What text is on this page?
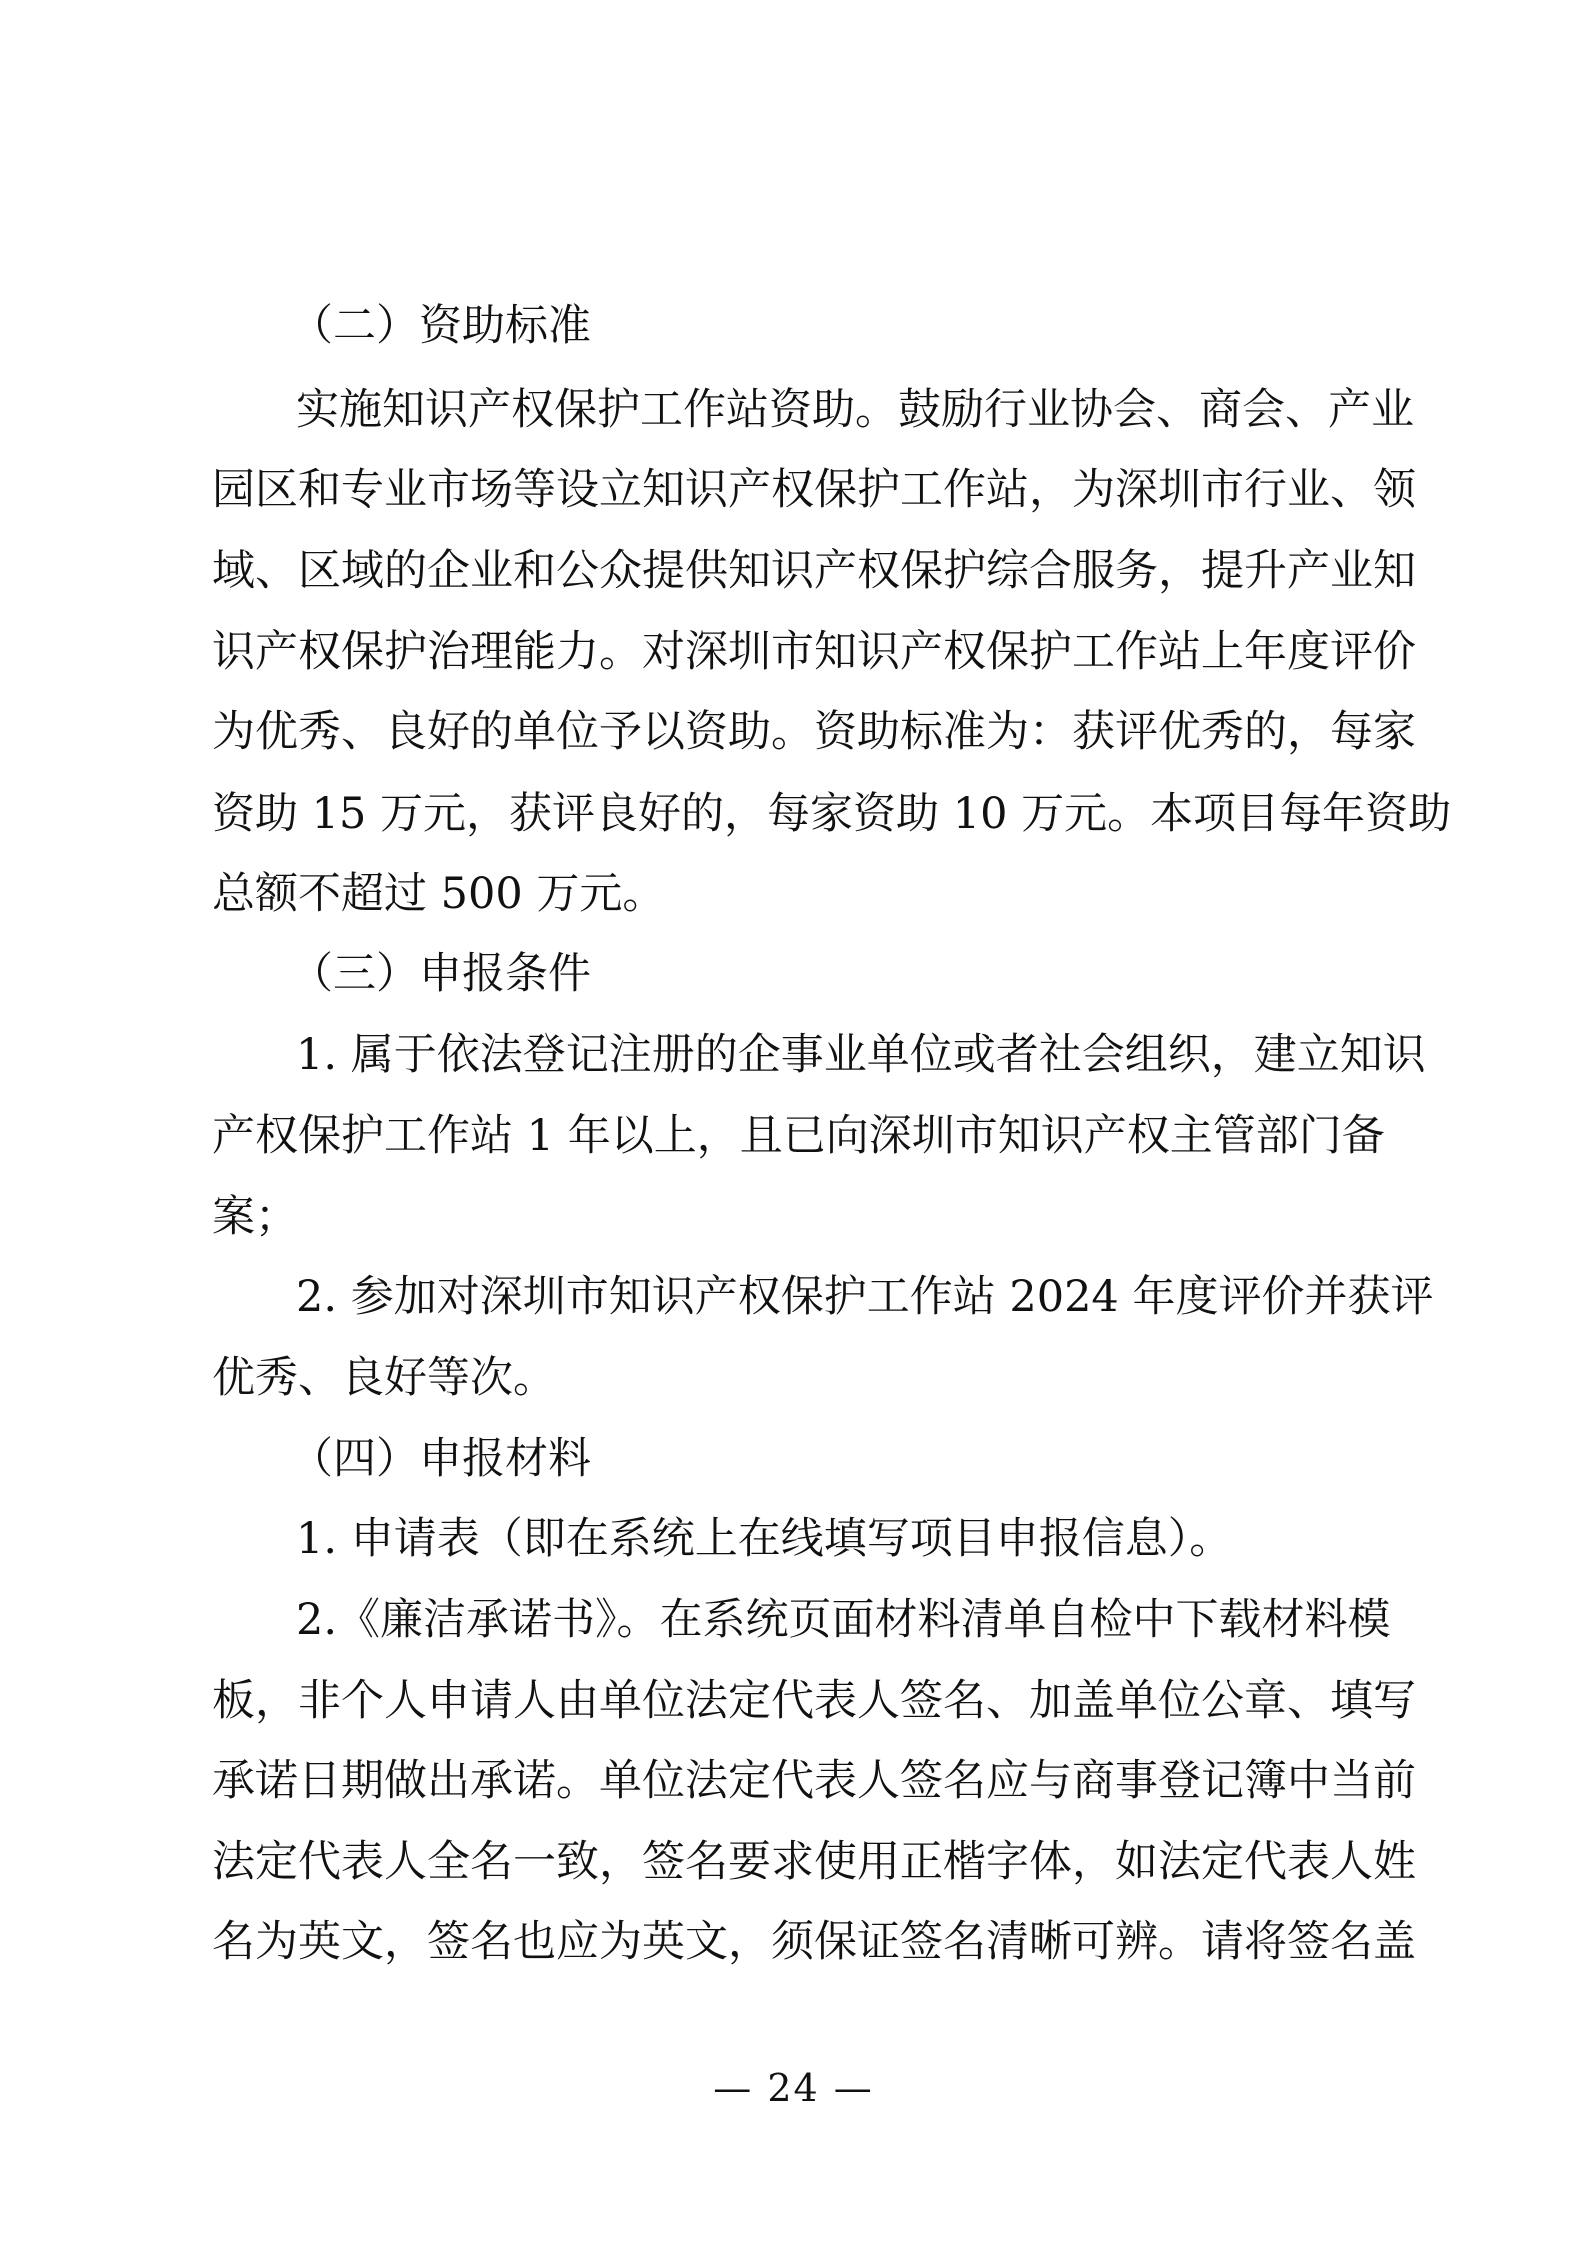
（二）资助标准
实施知识产权保护工作站资助。鼓励行业协会、商会、产业
园区和专业市场等设立知识产权保护工作站，为深圳市行业、领
域、区域的企业和公众提供知识产权保护综合服务，提升产业知
识产权保护治理能力。对深圳市知识产权保护工作站上年度评价
为优秀、良好的单位予以资助。资助标准为：获评优秀的，每家
资助 15 万元，获评良好的，每家资助 10 万元。本项目每年资助
总额不超过 500 万元。
（三）申报条件
1. 属于依法登记注册的企事业单位或者社会组织，建立知识
产权保护工作站 1 年以上，且已向深圳市知识产权主管部门备
案；
2. 参加对深圳市知识产权保护工作站 2024 年度评价并获评
优秀、良好等次。
（四）申报材料
1. 申请表（即在系统上在线填写项目申报信息）。
2.《廉洁承诺书》。在系统页面材料清单自检中下载材料模
板，非个人申请人由单位法定代表人签名、加盖单位公章、填写
承诺日期做出承诺。单位法定代表人签名应与商事登记簿中当前
法定代表人全名一致，签名要求使用正楷字体，如法定代表人姓
名为英文，签名也应为英文，须保证签名清晰可辨。请将签名盖
— 24 —
